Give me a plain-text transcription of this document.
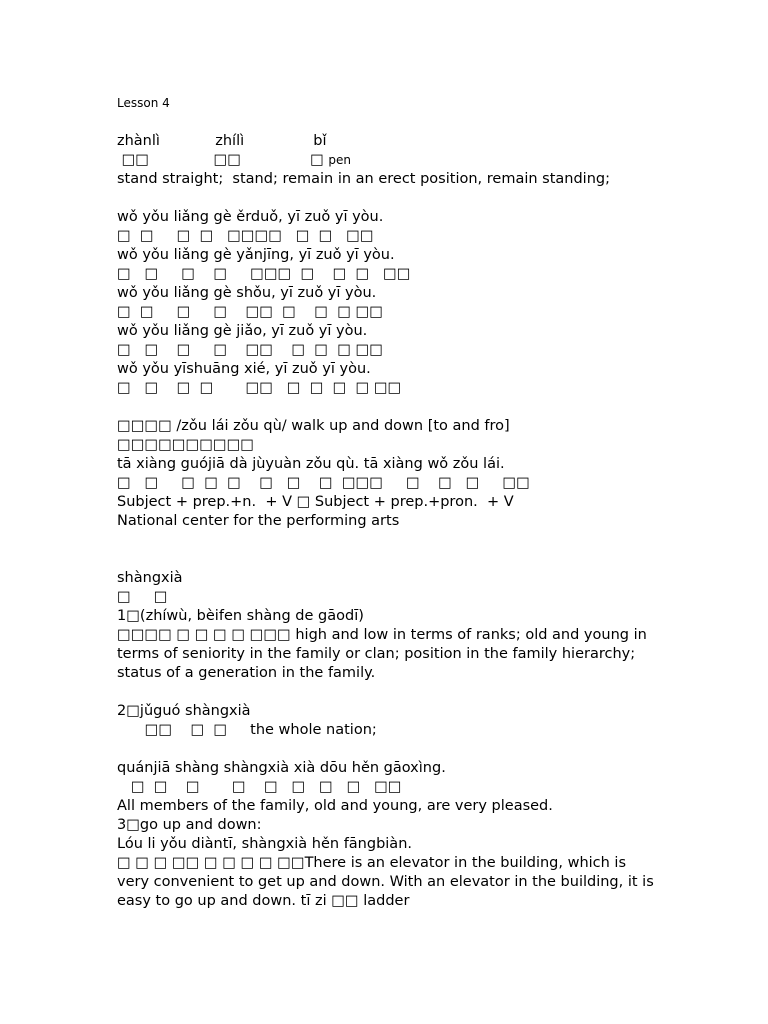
Lesson 4
zhànlì	zhílì	bǐ
□□	□□	□ pen
stand straight;  stand; remain in an erect position, remain standing;
wǒ yǒu liǎng gè ěrduǒ, yī zuǒ yī yòu.
□  □     □  □   □□□□   □  □   □□
wǒ yǒu liǎng gè yǎnjīng, yī zuǒ yī yòu.
□   □     □    □     □□□  □    □  □   □□
wǒ yǒu liǎng gè shǒu, yī zuǒ yī yòu.
□  □     □     □    □□  □    □  □ □□
wǒ yǒu liǎng gè jiǎo, yī zuǒ yī yòu.
□   □    □     □    □□    □  □  □ □□
wǒ yǒu yīshuāng xié, yī zuǒ yī yòu.
□   □    □  □       □□   □  □  □  □ □□
□□□□ /zǒu lái zǒu qù/ walk up and down [to and fro]
□□□□□□□□□□
tā xiàng guójiā dà jùyuàn zǒu qù. tā xiàng wǒ zǒu lái.
□   □     □  □  □    □   □    □  □□□     □    □   □     □□
Subject + prep.+n.  + V □ Subject + prep.+pron.  + V
National center for the performing arts
shàngxià
□     □
1□(zhíwù, bèifen shàng de gāodī)
□□□□ □ □ □ □ □□□ high and low in terms of ranks; old and young in terms of seniority in the family or clan; position in the family hierarchy; status of a generation in the family.
2□jǔguó shàngxià
□□    □  □     the whole nation;
quánjiā shàng shàngxià xià dōu hěn gāoxìng.
□  □    □       □    □   □   □   □   □□
All members of the family, old and young, are very pleased.
3□go up and down:
Lóu li yǒu diàntī, shàngxià hěn fāngbiàn.
□ □ □ □□ □ □ □ □ □□There is an elevator in the building, which is very convenient to get up and down. With an elevator in the building, it is easy to go up and down. tī zi □□ ladder
